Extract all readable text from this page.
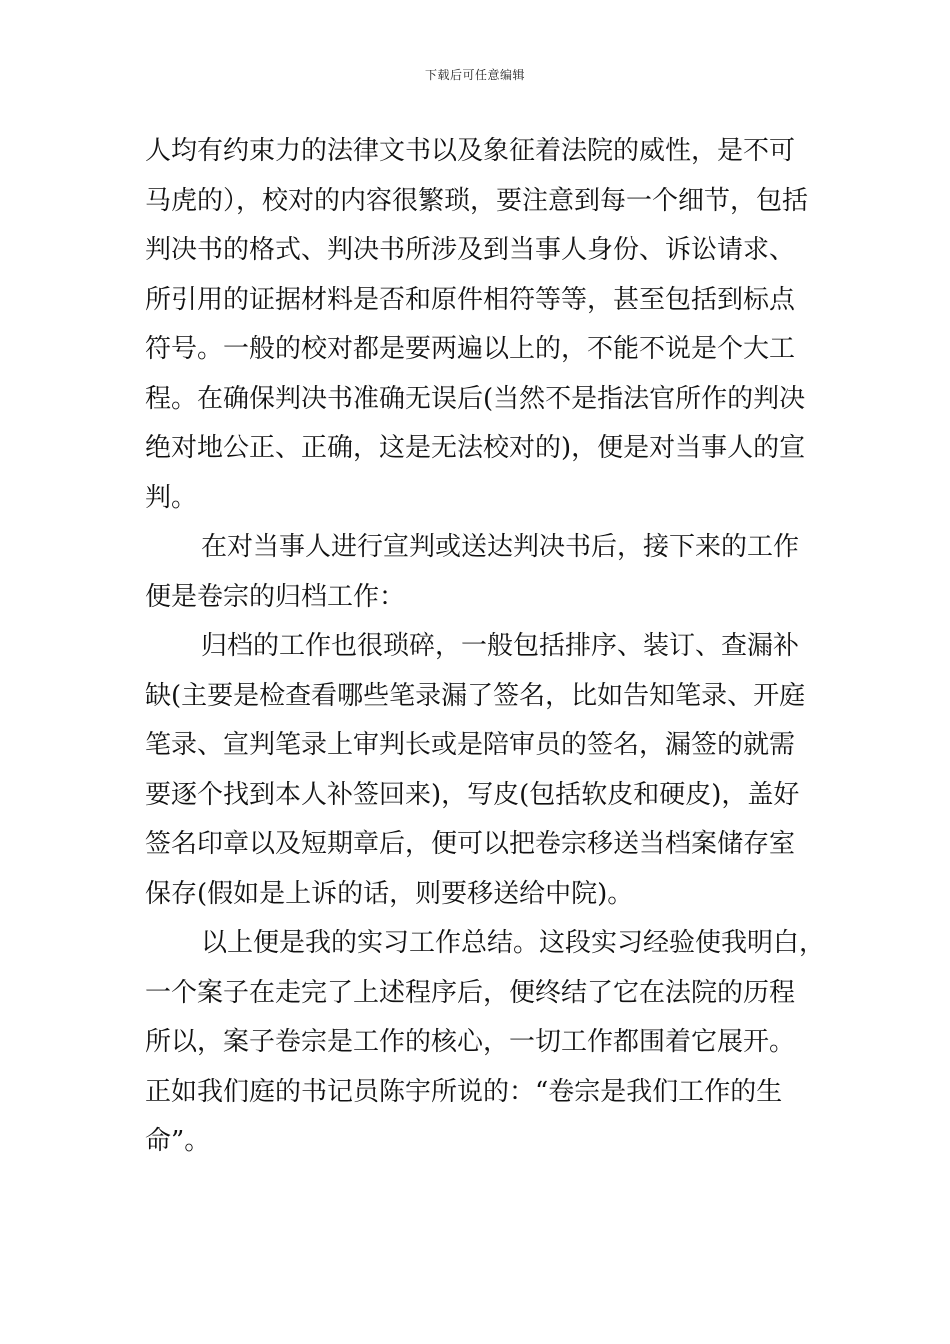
下载后可任意编辑
人均有约束力的法律文书以及象征着法院的威性，是不可
马虎的），校对的内容很繁琐，要注意到每一个细节，包括
判决书的格式、判决书所涉及到当事人身份、诉讼请求、
所引用的证据材料是否和原件相符等等，甚至包括到标点
符号。一般的校对都是要两遍以上的，不能不说是个大工
程。在确保判决书准确无误后(当然不是指法官所作的判决
绝对地公正、正确，这是无法校对的)，便是对当事人的宣
判。
在对当事人进行宣判或送达判决书后，接下来的工作
便是卷宗的归档工作：
归档的工作也很琐碎，一般包括排序、装订、查漏补
缺(主要是检查看哪些笔录漏了签名，比如告知笔录、开庭
笔录、宣判笔录上审判长或是陪审员的签名，漏签的就需
要逐个找到本人补签回来)，写皮(包括软皮和硬皮)，盖好
签名印章以及短期章后，便可以把卷宗移送当档案储存室
保存(假如是上诉的话，则要移送给中院)。
以上便是我的实习工作总结。这段实习经验使我明白，
一个案子在走完了上述程序后，便终结了它在法院的历程
所以，案子卷宗是工作的核心，一切工作都围着它展开。
正如我们庭的书记员陈宇所说的：“卷宗是我们工作的生
命”。
